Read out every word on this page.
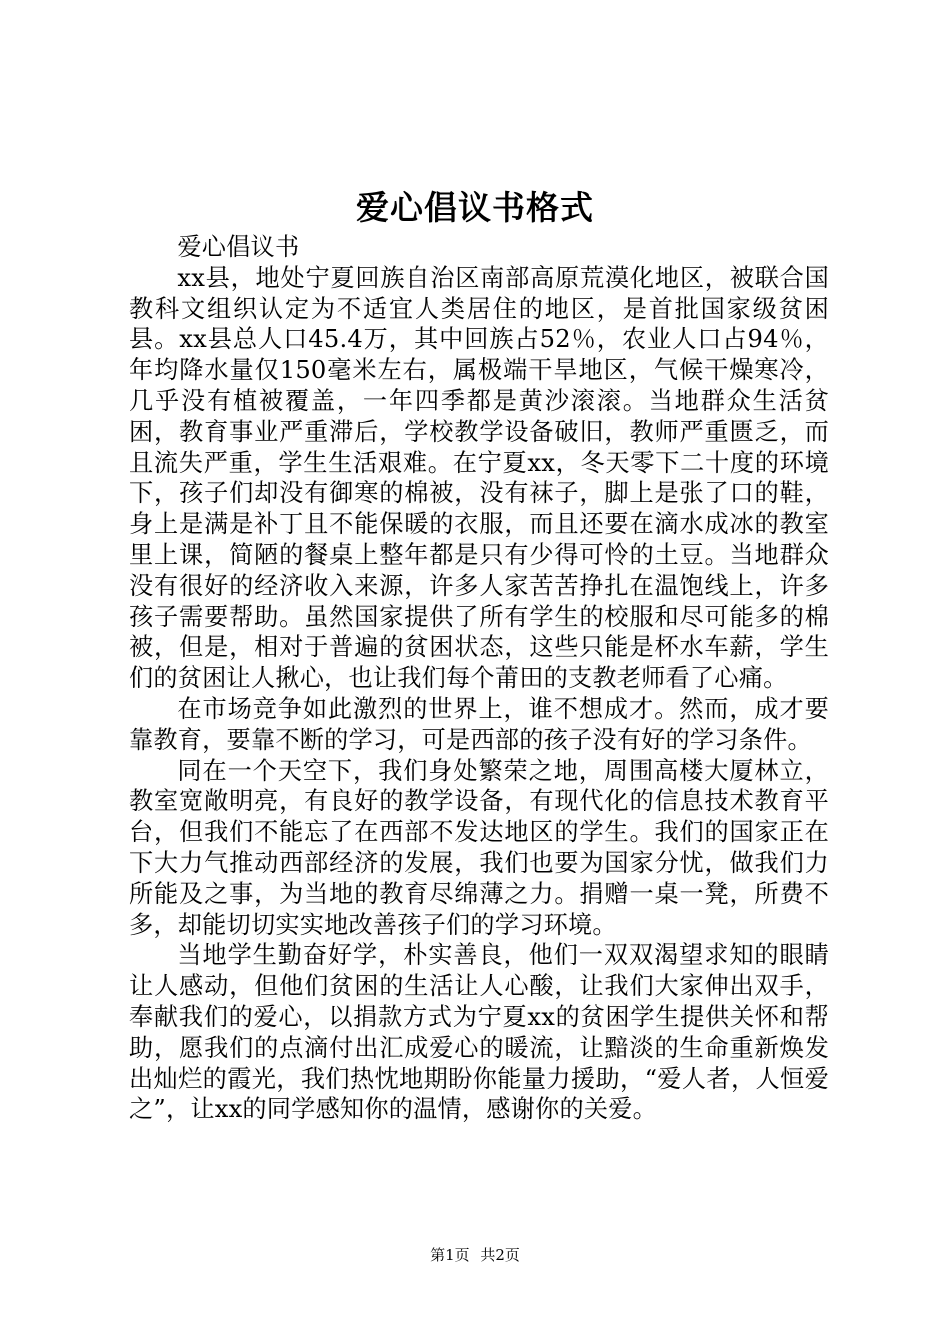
爱心倡议书格式

爱心倡议书

xx县，地处宁夏回族自治区南部高原荒漠化地区，被联合国教科文组织认定为不适宜人类居住的地区，是首批国家级贫困县。xx县总人口45.4万，其中回族占52％，农业人口占94％，年均降水量仅150毫米左右，属极端干旱地区，气候干燥寒冷，几乎没有植被覆盖，一年四季都是黄沙滚滚。当地群众生活贫困，教育事业严重滞后，学校教学设备破旧，教师严重匮乏，而且流失严重，学生生活艰难。在宁夏xx，冬天零下二十度的环境下，孩子们却没有御寒的棉被，没有袜子，脚上是张了口的鞋，身上是满是补丁且不能保暖的衣服，而且还要在滴水成冰的教室里上课，简陋的餐桌上整年都是只有少得可怜的土豆。当地群众没有很好的经济收入来源，许多人家苦苦挣扎在温饱线上，许多孩子需要帮助。虽然国家提供了所有学生的校服和尽可能多的棉被，但是，相对于普遍的贫困状态，这些只能是杯水车薪，学生们的贫困让人揪心，也让我们每个莆田的支教老师看了心痛。

在市场竞争如此激烈的世界上，谁不想成才。然而，成才要靠教育，要靠不断的学习，可是西部的孩子没有好的学习条件。

同在一个天空下，我们身处繁荣之地，周围高楼大厦林立，教室宽敞明亮，有良好的教学设备，有现代化的信息技术教育平台，但我们不能忘了在西部不发达地区的学生。我们的国家正在下大力气推动西部经济的发展，我们也要为国家分忧，做我们力所能及之事，为当地的教育尽绵薄之力。捐赠一桌一凳，所费不多，却能切切实实地改善孩子们的学习环境。

当地学生勤奋好学，朴实善良，他们一双双渴望求知的眼睛让人感动，但他们贫困的生活让人心酸，让我们大家伸出双手，奉献我们的爱心，以捐款方式为宁夏xx的贫困学生提供关怀和帮助，愿我们的点滴付出汇成爱心的暖流，让黯淡的生命重新焕发出灿烂的霞光，我们热忱地期盼你能量力援助，“爱人者，人恒爱之”，让xx的同学感知你的温情，感谢你的关爱。

第1页 共2页
